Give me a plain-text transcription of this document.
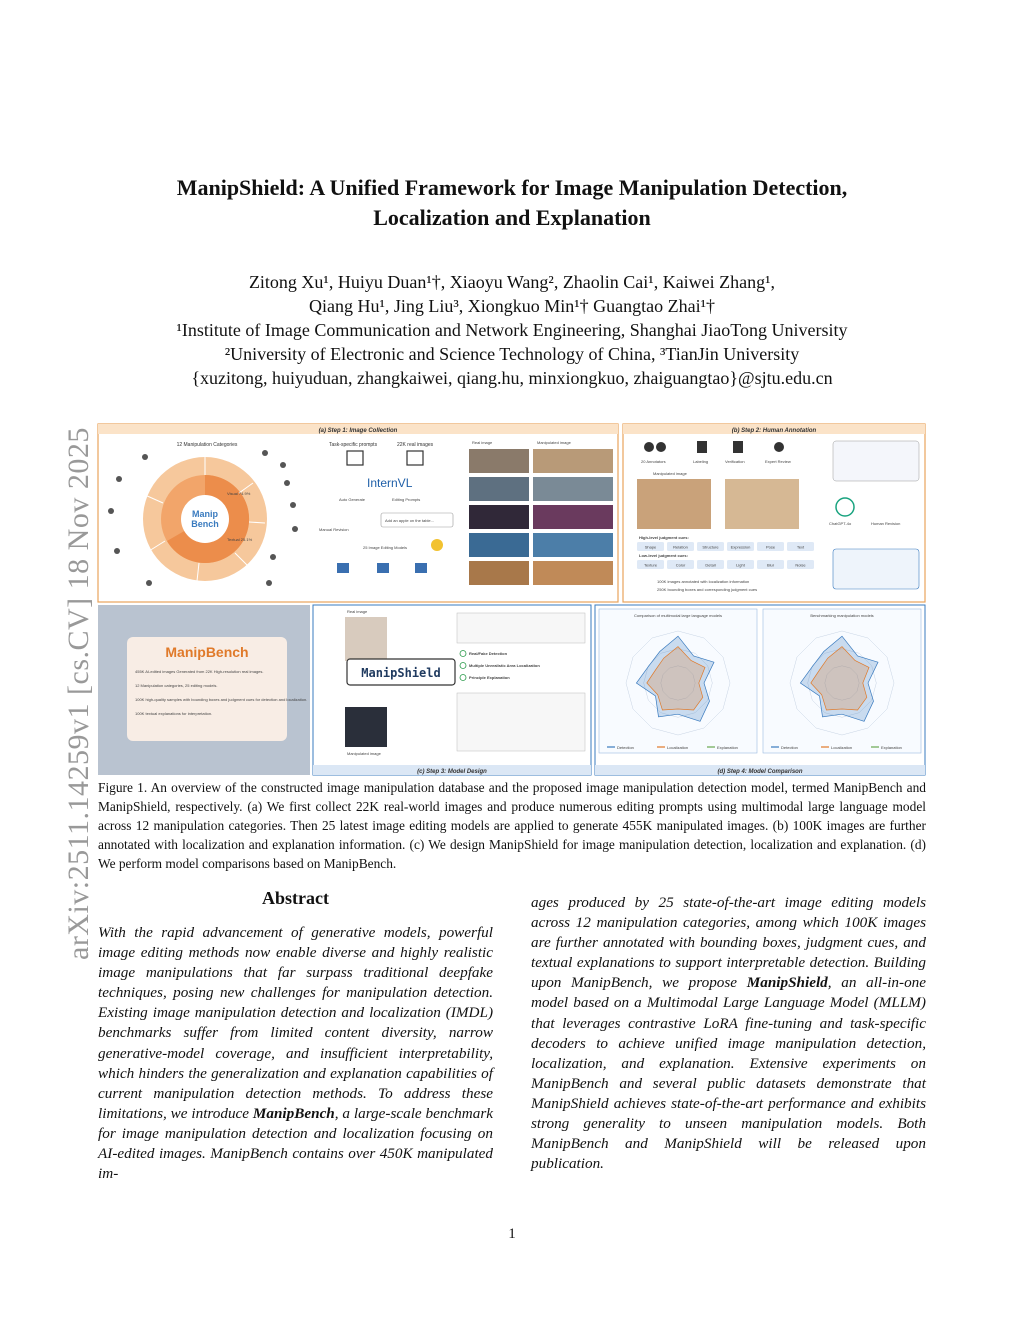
arXiv:2511.14259v1 [cs.CV] 18 Nov 2025
ManipShield: A Unified Framework for Image Manipulation Detection,
Localization and Explanation
Zitong Xu¹, Huiyu Duan¹†, Xiaoyu Wang², Zhaolin Cai¹, Kaiwei Zhang¹,
Qiang Hu¹, Jing Liu³, Xiongkuo Min¹† Guangtao Zhai¹†
¹Institute of Image Communication and Network Engineering, Shanghai JiaoTong University
²University of Electronic and Science Technology of China, ³TianJin University
{xuzitong, huiyuduan, zhangkaiwei, qiang.hu, minxiongkuo, zhaiguangtao}@sjtu.edu.cn
(a) Step 1: Image Collection
12 Manipulation Categories
Manip
Bench
Visual 74.9%
Textual 25.1%
Task-specific prompts	22K real images
InternVL
Auto Generate	Editing Prompts
Manual Revision
Add an apple on the table...
25 Image Editing Models
Real image	Manipulated image
(b) Step 2: Human Annotation
20 Annotators	Labeling	Verification	Expert Review
Manipulated image
High-level judgment cues:
Shape	Relation	Structure	Expression	Pose	Text
Low-level judgment cues:
Texture	Color	Detail	Light	Blur	Noise
100K images annotated with localization information
250K bounding boxes and corresponding judgment cues
ChatGPT-4o	Human Revision
ManipBench
455K AI-edited images Generated from 22K High-resolution real images.
12 Manipulation categories, 25 editing models.
100K high-quality samples with bounding boxes and judgment cues for detection and localization.
100K textual explanations for interpretation.
Real image
ManipShield
Manipulated image
Real/Fake Detection
Multiple Unrealistic Area Localization
Principle Explanation
(c) Step 3: Model Design
Comparison of multimodal large language models	Benchmarking manipulation models
Detection	Localization	Explanation	Detection	Localization	Explanation
(d) Step 4: Model Comparison
Figure 1. An overview of the constructed image manipulation database and the proposed image manipulation detection model, termed ManipBench and ManipShield, respectively. (a) We first collect 22K real-world images and produce numerous editing prompts using multimodal large language model across 12 manipulation categories. Then 25 latest image editing models are applied to generate 455K manipulated images. (b) 100K images are further annotated with localization and explanation information. (c) We design ManipShield for image manipulation detection, localization and explanation. (d) We perform model comparisons based on ManipBench.
Abstract

With the rapid advancement of generative models, powerful image editing methods now enable diverse and highly realistic image manipulations that far surpass traditional deepfake techniques, posing new challenges for manipulation detection. Existing image manipulation detection and localization (IMDL) benchmarks suffer from limited content diversity, narrow generative-model coverage, and insufficient interpretability, which hinders the generalization and explanation capabilities of current manipulation detection methods. To address these limitations, we introduce ManipBench, a large-scale benchmark for image manipulation detection and localization focusing on AI-edited images. ManipBench contains over 450K manipulated im-

ages produced by 25 state-of-the-art image editing models across 12 manipulation categories, among which 100K images are further annotated with bounding boxes, judgment cues, and textual explanations to support interpretable detection. Building upon ManipBench, we propose ManipShield, an all-in-one model based on a Multimodal Large Language Model (MLLM) that leverages contrastive LoRA fine-tuning and task-specific decoders to achieve unified image manipulation detection, localization, and explanation. Extensive experiments on ManipBench and several public datasets demonstrate that ManipShield achieves state-of-the-art performance and exhibits strong generality to unseen manipulation models. Both ManipBench and ManipShield will be released upon publication.

1
